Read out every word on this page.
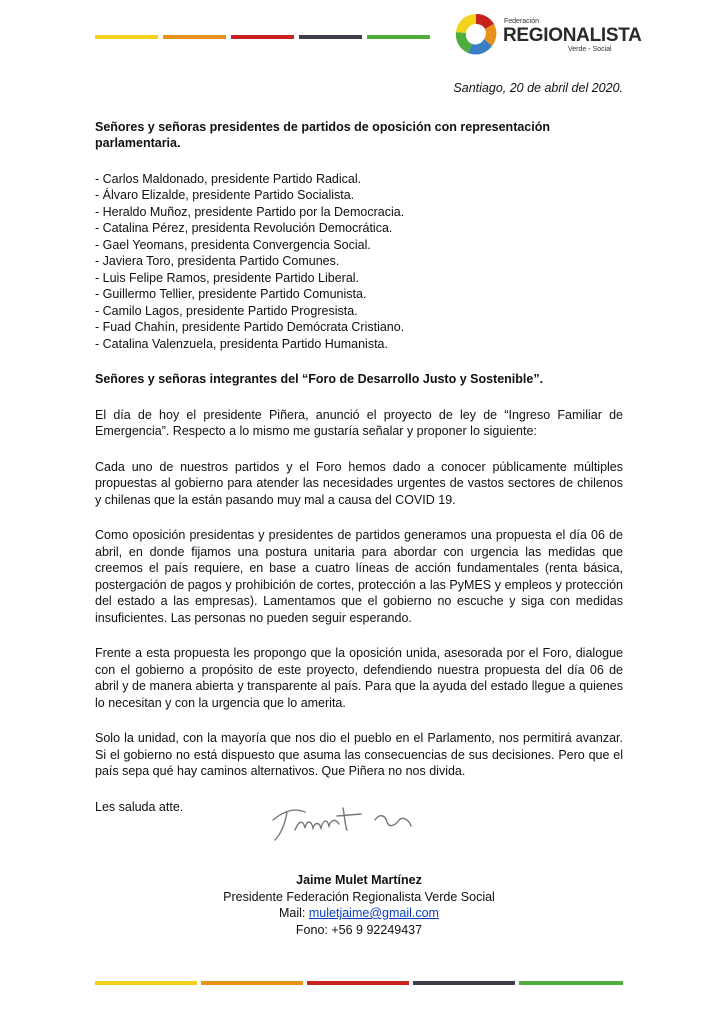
Federación
REGIONALISTA
Verde - Social

Santiago, 20 de abril del 2020.

Señores y señoras presidentes de partidos de oposición con representación parlamentaria.

- Carlos Maldonado, presidente Partido Radical.
- Álvaro Elizalde, presidente Partido Socialista.
- Heraldo Muñoz, presidente Partido por la Democracia.
- Catalina Pérez, presidenta Revolución Democrática.
- Gael Yeomans, presidenta Convergencia Social.
- Javiera Toro, presidenta Partido Comunes.
- Luis Felipe Ramos, presidente Partido Liberal.
- Guillermo Tellier, presidente Partido Comunista.
- Camilo Lagos, presidente Partido Progresista.
- Fuad Chahín, presidente Partido Demócrata Cristiano.
- Catalina Valenzuela, presidenta Partido Humanista.

Señores y señoras integrantes del “Foro de Desarrollo Justo y Sostenible”.

El día de hoy el presidente Piñera, anunció el proyecto de ley de “Ingreso Familiar de Emergencia”. Respecto a lo mismo me gustaría señalar y proponer lo siguiente:

Cada uno de nuestros partidos y el Foro hemos dado a conocer públicamente múltiples propuestas al gobierno para atender las necesidades urgentes de vastos sectores de chilenos y chilenas que la están pasando muy mal a causa del COVID 19.

Como oposición presidentas y presidentes de partidos generamos una propuesta el día 06 de abril, en donde fijamos una postura unitaria para abordar con urgencia las medidas que creemos el país requiere, en base a cuatro líneas de acción fundamentales (renta básica, postergación de pagos y prohibición de cortes, protección a las PyMES y empleos y protección del estado a las empresas). Lamentamos que el gobierno no escuche y siga con medidas insuficientes. Las personas no pueden seguir esperando.

Frente a esta propuesta les propongo que la oposición unida, asesorada por el Foro, dialogue con el gobierno a propósito de este proyecto, defendiendo nuestra propuesta del día 06 de abril y de manera abierta y transparente al país. Para que la ayuda del estado llegue a quienes lo necesitan y con la urgencia que lo amerita.

Solo la unidad, con la mayoría que nos dio el pueblo en el Parlamento, nos permitirá avanzar. Si el gobierno no está dispuesto que asuma las consecuencias de sus decisiones. Pero que el país sepa qué hay caminos alternativos. Que Piñera no nos divida.

Les saluda atte.

Jaime Mulet Martínez
Presidente Federación Regionalista Verde Social
Mail: muletjaime@gmail.com
Fono: +56 9 92249437
